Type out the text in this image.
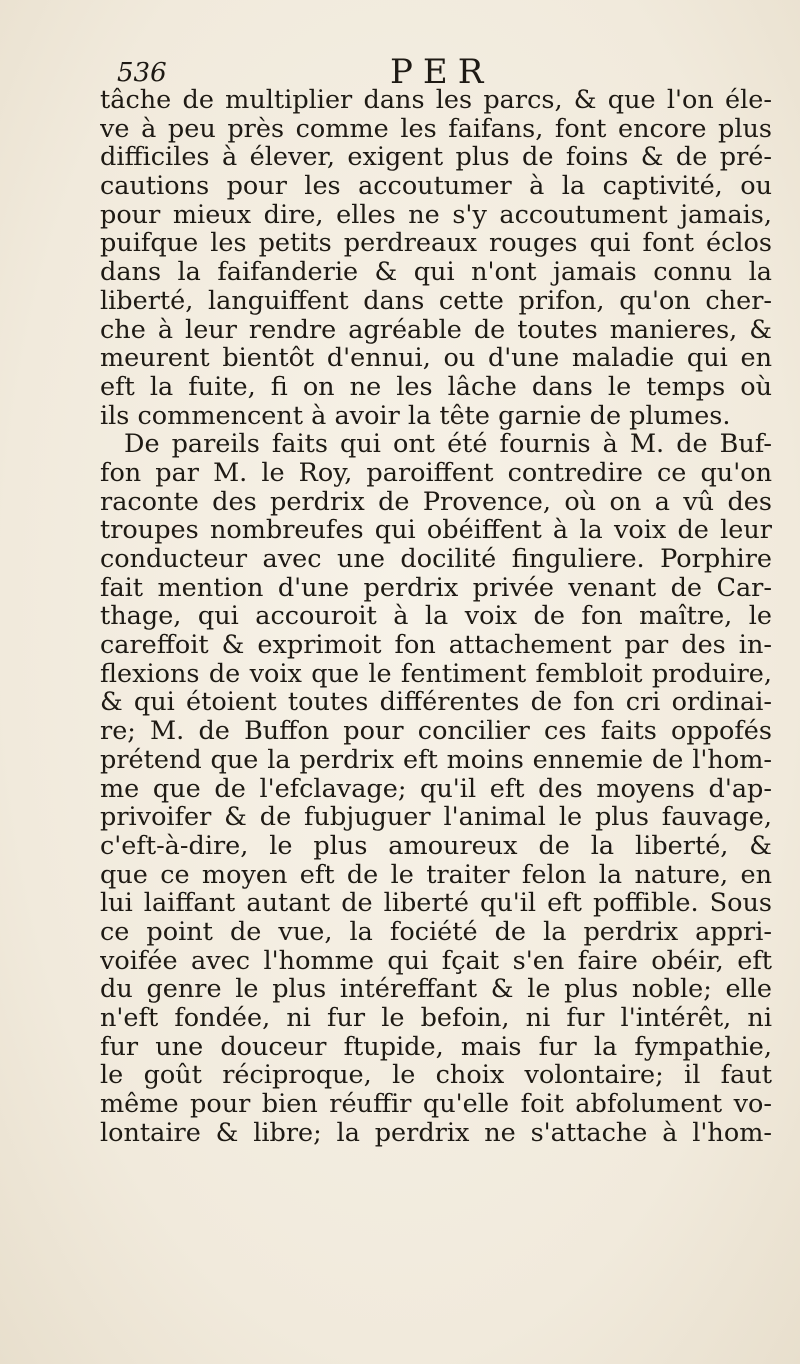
536	PER
tâche de multiplier dans les parcs, & que l'on éle-
ve à peu près comme les faifans, font encore plus
difficiles à élever, exigent plus de foins & de pré-
cautions pour les accoutumer à la captivité, ou
pour mieux dire, elles ne s'y accoutument jamais,
puifque les petits perdreaux rouges qui font éclos
dans la faifanderie & qui n'ont jamais connu la
liberté, languiffent dans cette prifon, qu'on cher-
che à leur rendre agréable de toutes manieres, &
meurent bientôt d'ennui, ou d'une maladie qui en
eft la fuite, fi on ne les lâche dans le temps où
ils commencent à avoir la tête garnie de plumes.
De pareils faits qui ont été fournis à M. de Buf-
fon par M. le Roy, paroiffent contredire ce qu'on
raconte des perdrix de Provence, où on a vû des
troupes nombreufes qui obéiffent à la voix de leur
conducteur avec une docilité finguliere. Porphire
fait mention d'une perdrix privée venant de Car-
thage, qui accouroit à la voix de fon maître, le
careffoit & exprimoit fon attachement par des in-
flexions de voix que le fentiment fembloit produire,
& qui étoient toutes différentes de fon cri ordinai-
re; M. de Buffon pour concilier ces faits oppofés
prétend que la perdrix eft moins ennemie de l'hom-
me que de l'efclavage; qu'il eft des moyens d'ap-
privoifer & de fubjuguer l'animal le plus fauvage,
c'eft-à-dire, le plus amoureux de la liberté, &
que ce moyen eft de le traiter felon la nature, en
lui laiffant autant de liberté qu'il eft poffible. Sous
ce point de vue, la fociété de la perdrix appri-
voifée avec l'homme qui fçait s'en faire obéir, eft
du genre le plus intéreffant & le plus noble; elle
n'eft fondée, ni fur le befoin, ni fur l'intérêt, ni
fur une douceur ftupide, mais fur la fympathie,
le goût réciproque, le choix volontaire; il faut
même pour bien réuffir qu'elle foit abfolument vo-
lontaire & libre; la perdrix ne s'attache à l'hom-
